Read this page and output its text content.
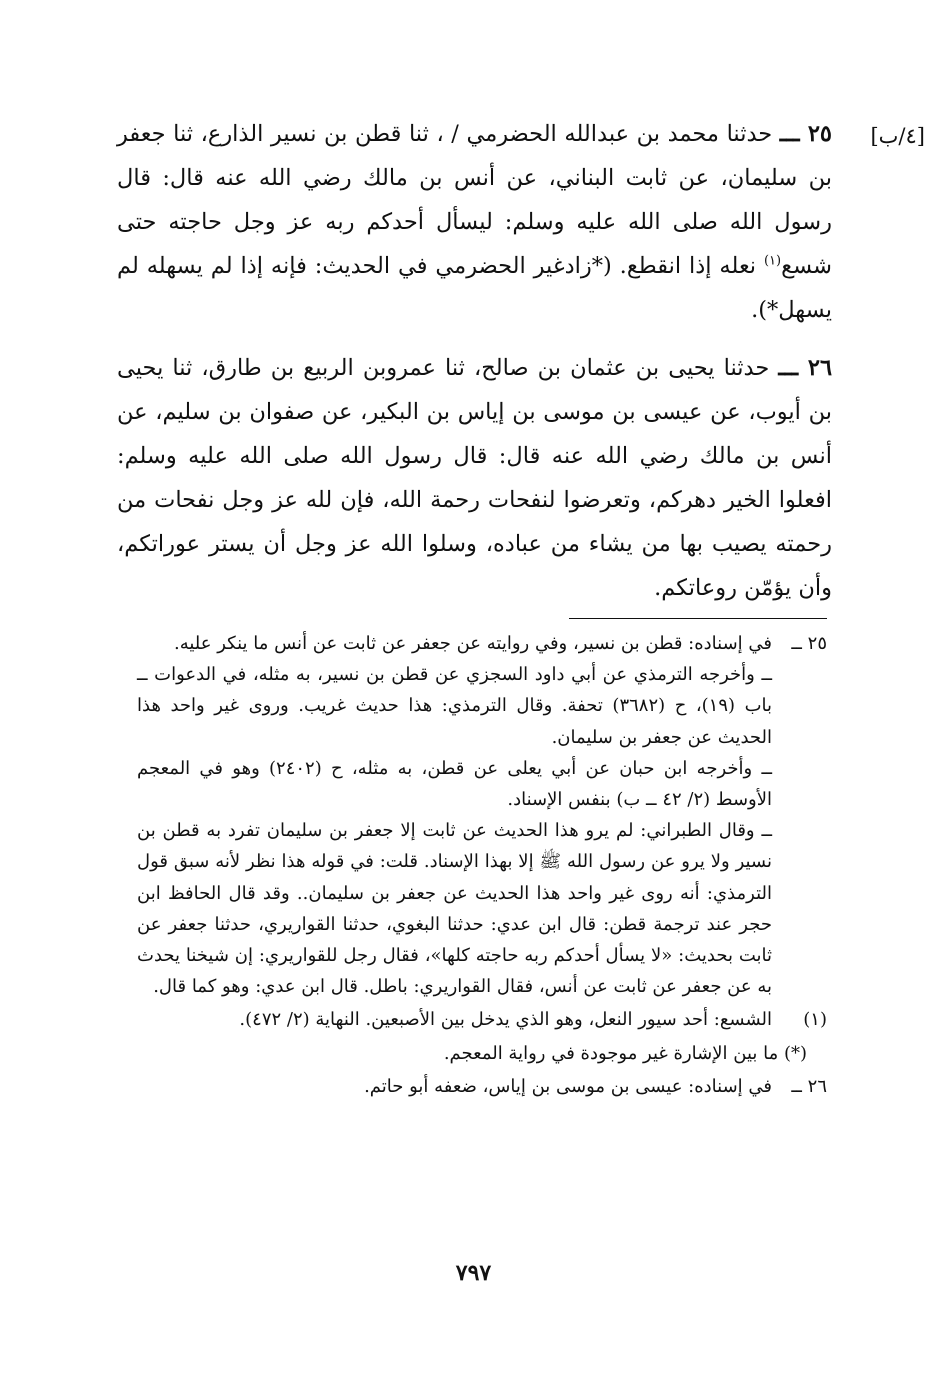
[٤/ب]

٢٥ ـــ حدثنا محمد بن عبدالله الحضرمي / ، ثنا قطن بن نسير الذارع، ثنا جعفر بن سليمان، عن ثابت البناني، عن أنس بن مالك رضي الله عنه قال: قال رسول الله صلى الله عليه وسلم: ليسأل أحدكم ربه عز وجل حاجته حتى شسع$^{(١)}$ نعله إذا انقطع. (*زادغير الحضرمي في الحديث: فإنه إذا لم يسهله لم يسهل*).

٢٦ ـــ حدثنا يحيى بن عثمان بن صالح، ثنا عمروبن الربيع بن طارق، ثنا يحيى بن أيوب، عن عيسى بن موسى بن إياس بن البكير، عن صفوان بن سليم، عن أنس بن مالك رضي الله عنه قال: قال رسول الله صلى الله عليه وسلم: افعلوا الخير دهركم، وتعرضوا لنفحات رحمة الله، فإن لله عز وجل نفحات من رحمته يصيب بها من يشاء من عباده، وسلوا الله عز وجل أن يستر عوراتكم، وأن يؤمّن روعاتكم.

٢٥ ــ

في إسناده: قطن بن نسير، وفي روايته عن جعفر عن ثابت عن أنس ما ينكر عليه.

ــ وأخرجه الترمذي عن أبي داود السجزي عن قطن بن نسير، به مثله، في الدعوات ــ باب (١٩)، ح (٣٦٨٢) تحفة. وقال الترمذي: هذا حديث غريب. وروى غير واحد هذا الحديث عن جعفر بن سليمان.

ــ وأخرجه ابن حبان عن أبي يعلى عن قطن، به مثله، ح (٢٤٠٢) وهو في المعجم الأوسط (٢/ ٤٢ ــ ب) بنفس الإسناد.

ــ وقال الطبراني: لم يرو هذا الحديث عن ثابت إلا جعفر بن سليمان تفرد به قطن بن نسير ولا يرو عن رسول الله ﷺ إلا بهذا الإسناد. قلت: في قوله هذا نظر لأنه سبق قول الترمذي: أنه روى غير واحد هذا الحديث عن جعفر بن سليمان.. وقد قال الحافظ ابن حجر عند ترجمة قطن: قال ابن عدي: حدثنا البغوي، حدثنا القواريري، حدثنا جعفر عن ثابت بحديث: «لا يسأل أحدكم ربه حاجته كلها»، فقال رجل للقواريري: إن شيخنا يحدث به عن جعفر عن ثابت عن أنس، فقال القواريري: باطل. قال ابن عدي: وهو كما قال.

(١)
الشسع: أحد سيور النعل، وهو الذي يدخل بين الأصبعين. النهاية (٢/ ٤٧٢).

(*) ما بين الإشارة غير موجودة في رواية المعجم.

٢٦ ــ
في إسناده: عيسى بن موسى بن إياس، ضعفه أبو حاتم.
٧٩٧
